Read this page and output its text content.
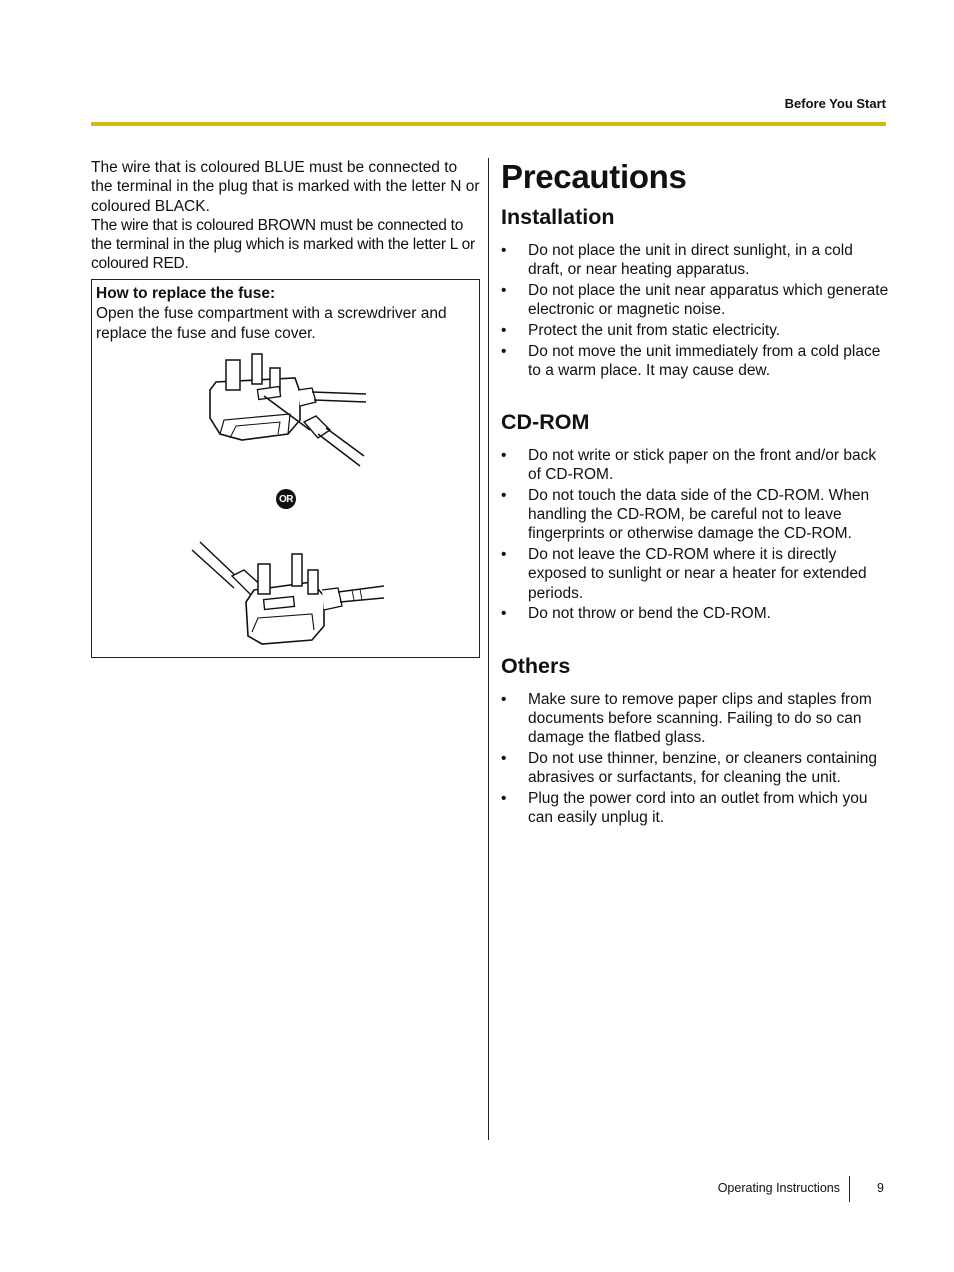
Before You Start

The wire that is coloured BLUE must be connected to the terminal in the plug that is marked with the letter N or coloured BLACK.

The wire that is coloured BROWN must be connected to the terminal in the plug which is marked with the letter L or coloured RED.

How to replace the fuse:
Open the fuse compartment with a screwdriver and replace the fuse and fuse cover.
OR
Precautions
Installation
• Do not place the unit in direct sunlight, in a cold draft, or near heating apparatus.
• Do not place the unit near apparatus which generate electronic or magnetic noise.
• Protect the unit from static electricity.
• Do not move the unit immediately from a cold place to a warm place. It may cause dew.
CD-ROM
• Do not write or stick paper on the front and/or back of CD-ROM.
• Do not touch the data side of the CD-ROM. When handling the CD-ROM, be careful not to leave fingerprints or otherwise damage the CD-ROM.
• Do not leave the CD-ROM where it is directly exposed to sunlight or near a heater for extended periods.
• Do not throw or bend the CD-ROM.
Others
• Make sure to remove paper clips and staples from documents before scanning. Failing to do so can damage the flatbed glass.
• Do not use thinner, benzine, or cleaners containing abrasives or surfactants, for cleaning the unit.
• Plug the power cord into an outlet from which you can easily unplug it.
Operating Instructions	9
